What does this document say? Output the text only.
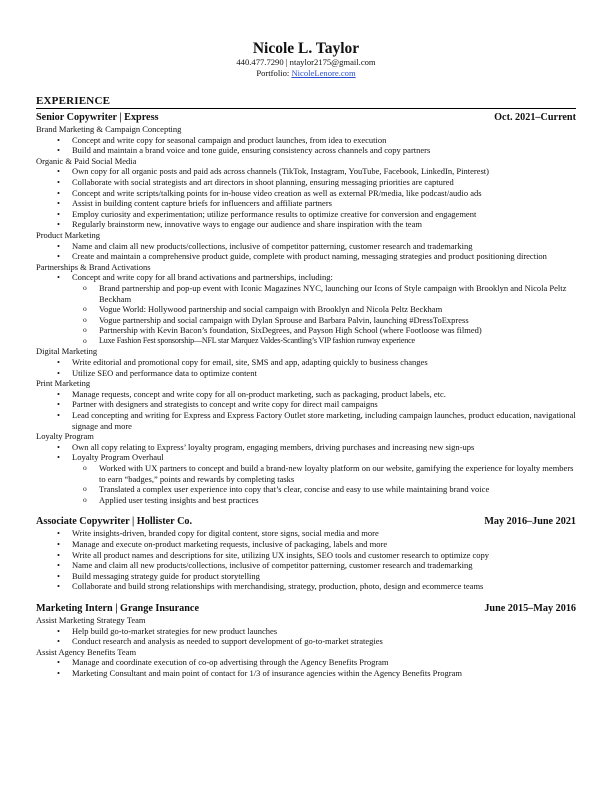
Nicole L. Taylor
440.477.7290 | ntaylor2175@gmail.com
Portfolio: NicoleLenore.com
EXPERIENCE
Senior Copywriter | Express	Oct. 2021–Current
Brand Marketing & Campaign Concepting
• Concept and write copy for seasonal campaign and product launches, from idea to execution
• Build and maintain a brand voice and tone guide, ensuring consistency across channels and copy partners
Organic & Paid Social Media
• Own copy for all organic posts and paid ads across channels (TikTok, Instagram, YouTube, Facebook, LinkedIn, Pinterest)
• Collaborate with social strategists and art directors in shoot planning, ensuring messaging priorities are captured
• Concept and write scripts/talking points for in-house video creation as well as external PR/media, like podcast/audio ads
• Assist in building content capture briefs for influencers and affiliate partners
• Employ curiosity and experimentation; utilize performance results to optimize creative for conversion and engagement
• Regularly brainstorm new, innovative ways to engage our audience and share inspiration with the team
Product Marketing
• Name and claim all new products/collections, inclusive of competitor patterning, customer research and trademarking
• Create and maintain a comprehensive product guide, complete with product naming, messaging strategies and product positioning direction
Partnerships & Brand Activations
• Concept and write copy for all brand activations and partnerships, including:
o Brand partnership and pop-up event with Iconic Magazines NYC, launching our Icons of Style campaign with Brooklyn and Nicola Peltz Beckham
o Vogue World: Hollywood partnership and social campaign with Brooklyn and Nicola Peltz Beckham
o Vogue partnership and social campaign with Dylan Sprouse and Barbara Palvin, launching #DressToExpress
o Partnership with Kevin Bacon’s foundation, SixDegrees, and Payson High School (where Footloose was filmed)
o Luxe Fashion Fest sponsorship—NFL star Marquez Valdes-Scantling’s VIP fashion runway experience
Digital Marketing
• Write editorial and promotional copy for email, site, SMS and app, adapting quickly to business changes
• Utilize SEO and performance data to optimize content
Print Marketing
• Manage requests, concept and write copy for all on-product marketing, such as packaging, product labels, etc.
• Partner with designers and strategists to concept and write copy for direct mail campaigns
• Lead concepting and writing for Express and Express Factory Outlet store marketing, including campaign launches, product education, navigational signage and more
Loyalty Program
• Own all copy relating to Express’ loyalty program, engaging members, driving purchases and increasing new sign-ups
• Loyalty Program Overhaul
o Worked with UX partners to concept and build a brand-new loyalty platform on our website, gamifying the experience for loyalty members to earn “badges,” points and rewards by completing tasks
o Translated a complex user experience into copy that’s clear, concise and easy to use while maintaining brand voice
o Applied user testing insights and best practices
Associate Copywriter | Hollister Co.	May 2016–June 2021
• Write insights-driven, branded copy for digital content, store signs, social media and more
• Manage and execute on-product marketing requests, inclusive of packaging, labels and more
• Write all product names and descriptions for site, utilizing UX insights, SEO tools and customer research to optimize copy
• Name and claim all new products/collections, inclusive of competitor patterning, customer research and trademarking
• Build messaging strategy guide for product storytelling
• Collaborate and build strong relationships with merchandising, strategy, production, photo, design and ecommerce teams
Marketing Intern | Grange Insurance	June 2015–May 2016
Assist Marketing Strategy Team
• Help build go-to-market strategies for new product launches
• Conduct research and analysis as needed to support development of go-to-market strategies
Assist Agency Benefits Team
• Manage and coordinate execution of co-op advertising through the Agency Benefits Program
• Marketing Consultant and main point of contact for 1/3 of insurance agencies within the Agency Benefits Program
